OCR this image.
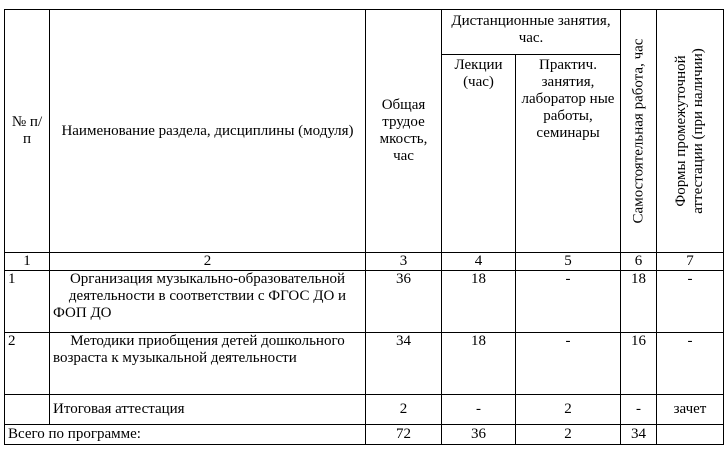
№ п/п	Наименование раздела, дисциплины (модуля)	Общая трудое мкость, час	Дистанционные занятия, час.		Самостоятельная работа, час	Формы промежуточной аттестации (при наличии)

			Лекции (час)	Практич. занятия, лаборатор ные работы, семинары		
1	2	3	4	5	6	7
1	Организация музыкально-образовательной деятельности в соответствии с ФГОС ДО и ФОП ДО	36	18	-	18	-
2	Методики приобщения детей дошкольного возраста к музыкальной деятельности	34	18	-	16	-
	Итоговая аттестация	2	-	2	-	зачет
Всего по программе:		72	36	2	34	
